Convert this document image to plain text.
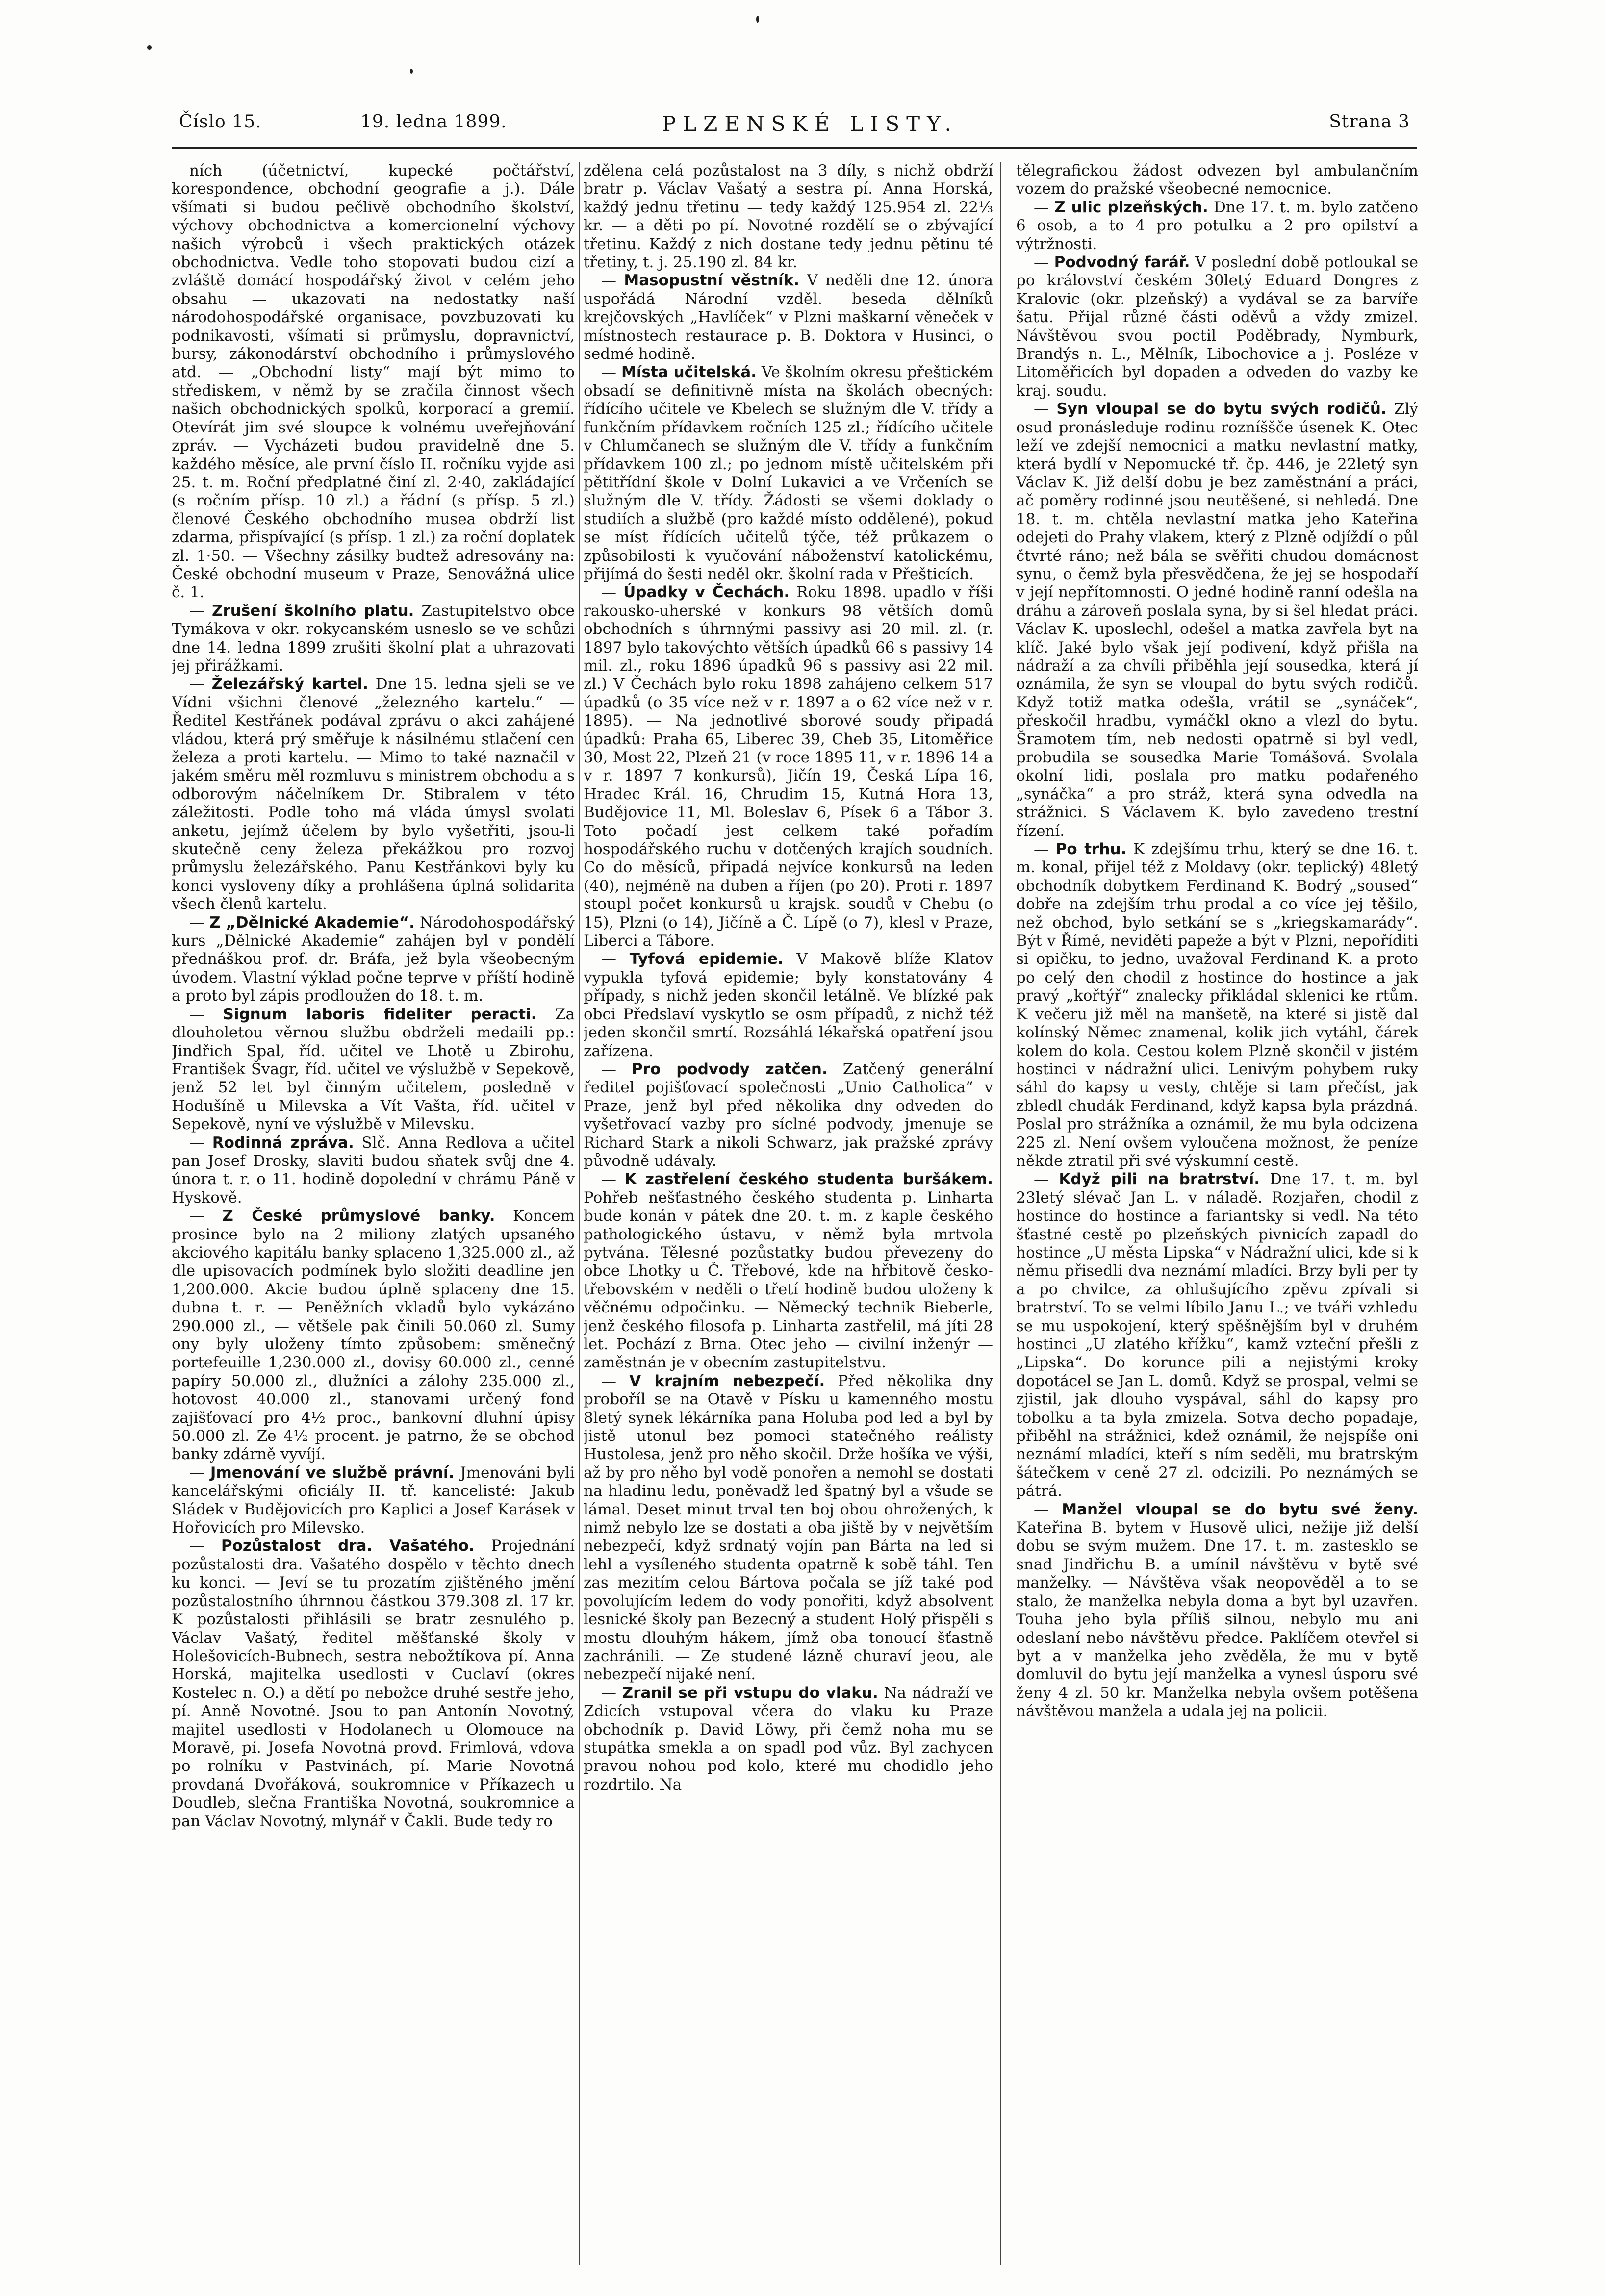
Číslo 15.	19. ledna 1899.	PLZENSKÉ LISTY.	Strana 3

ních (účetnictví, kupecké počtářství, korespondence, obchodní geografie a j.). Dále všímati si budou pečlivě obchodního školství, výchovy obchodnictva a komercionelní výchovy našich výrobců i všech praktických otázek obchodnictva. Vedle toho stopovati budou cizí a zvláště domácí hospodářský život v celém jeho obsahu — ukazovati na nedostatky naší národohospodářské organisace, povzbuzovati ku podnikavosti, všímati si průmyslu, dopravnictví, bursy, zákonodárství obchodního i průmyslového atd. — „Obchodní listy“ mají být mimo to střediskem, v němž by se zračila činnost všech našich obchodnických spolků, korporací a gremií. Otevírát jim své sloupce k volnému uveřejňování zpráv. — Vycházeti budou pravidelně dne 5. každého měsíce, ale první číslo II. ročníku vyjde asi 25. t. m. Roční předplatné činí zl. 2·40, zakládající (s ročním přísp. 10 zl.) a řádní (s přísp. 5 zl.) členové Českého obchodního musea obdrží list zdarma, přispívající (s přísp. 1 zl.) za roční doplatek zl. 1·50. — Všechny zásilky budtež adresovány na: České obchodní museum v Praze, Senovážná ulice č. 1.

— Zrušení školního platu. Zastupitelstvo obce Tymákova v okr. rokycanském usneslo se ve schůzi dne 14. ledna 1899 zrušiti školní plat a uhrazovati jej přirážkami.

— Železářský kartel. Dne 15. ledna sjeli se ve Vídni všichni členové „železného kartelu.“ — Ředitel Kestřánek podával zprávu o akci zahájené vládou, která prý směřuje k násilnému stlačení cen železa a proti kartelu. — Mimo to také naznačil v jakém směru měl rozmluvu s ministrem obchodu a s odborovým náčelníkem Dr. Stibralem v této záležitosti. Podle toho má vláda úmysl svolati anketu, jejímž účelem by bylo vyšetřiti, jsou-li skutečně ceny železa překážkou pro rozvoj průmyslu železářského. Panu Kestřánkovi byly ku konci vysloveny díky a prohlášena úplná solidarita všech členů kartelu.

— Z „Dělnické Akademie“. Národohospodářský kurs „Dělnické Akademie“ zahájen byl v pondělí přednáškou prof. dr. Bráfa, jež byla všeobecným úvodem. Vlastní výklad počne teprve v příští hodině a proto byl zápis prodloužen do 18. t. m.

— Signum laboris fideliter peracti. Za dlouholetou věrnou službu obdrželi medaili pp.: Jindřich Spal, říd. učitel ve Lhotě u Zbirohu, František Švagr, říd. učitel ve výslužbě v Sepekově, jenž 52 let byl činným učitelem, posledně v Hodušíně u Milevska a Vít Vašta, říd. učitel v Sepekově, nyní ve výslužbě v Milevsku.

— Rodinná zpráva. Slč. Anna Redlova a učitel pan Josef Drosky, slaviti budou sňatek svůj dne 4. února t. r. o 11. hodině dopolední v chrámu Páně v Hyskově.

— Z České průmyslové banky. Koncem prosince bylo na 2 miliony zlatých upsaného akciového kapitálu banky splaceno 1,325.000 zl., až dle upisovacích podmínek bylo složiti deadline jen 1,200.000. Akcie budou úplně splaceny dne 15. dubna t. r. — Peněžních vkladů bylo vykázáno 290.000 zl., — většele pak činili 50.060 zl. Sumy ony byly uloženy tímto způsobem: směnečný portefeuille 1,230.000 zl., dovisy 60.000 zl., cenné papíry 50.000 zl., dlužníci a zálohy 235.000 zl., hotovost 40.000 zl., stanovami určený fond zajišťovací pro 4½ proc., bankovní dluhní úpisy 50.000 zl. Ze 4½ procent. je patrno, že se obchod banky zdárně vyvíjí.

— Jmenování ve službě právní. Jmenováni byli kancelářskými oficiály II. tř. kancelisté: Jakub Sládek v Budějovicích pro Kaplici a Josef Karásek v Hořovicích pro Milevsko.

— Pozůstalost dra. Vašatého. Projednání pozůstalosti dra. Vašatého dospělo v těchto dnech ku konci. — Jeví se tu prozatím zjištěného jmění pozůstalostního úhrnnou částkou 379.308 zl. 17 kr. K pozůstalosti přihlásili se bratr zesnulého p. Václav Vašatý, ředitel měšťanské školy v Holešovicích-Bubnech, sestra nebožtíkova pí. Anna Horská, majitelka usedlosti v Cuclaví (okres Kostelec n. O.) a dětí po nebožce druhé sestře jeho, pí. Anně Novotné. Jsou to pan Antonín Novotný, majitel usedlosti v Hodolanech u Olomouce na Moravě, pí. Josefa Novotná provd. Frimlová, vdova po rolníku v Pastvinách, pí. Marie Novotná provdaná Dvořáková, soukromnice v Příkazech u Doudleb, slečna Františka Novotná, soukromnice a pan Václav Novotný, mlynář v Čakli. Bude tedy ro

zdělena celá pozůstalost na 3 díly, s nichž obdrží bratr p. Václav Vašatý a sestra pí. Anna Horská, každý jednu třetinu — tedy každý 125.954 zl. 22⅓ kr. — a děti po pí. Novotné rozdělí se o zbývající třetinu. Každý z nich dostane tedy jednu pětinu té třetiny, t. j. 25.190 zl. 84 kr.

— Masopustní věstník. V neděli dne 12. února uspořádá Národní vzděl. beseda dělníků krejčovských „Havlíček“ v Plzni maškarní věneček v místnostech restaurace p. B. Doktora v Husinci, o sedmé hodině.

— Místa učitelská. Ve školním okresu přeštickém obsadí se definitivně místa na školách obecných: řídícího učitele ve Kbelech se služným dle V. třídy a funkčním přídavkem ročních 125 zl.; řídícího učitele v Chlumčanech se služným dle V. třídy a funkčním přídavkem 100 zl.; po jednom místě učitelském při pětitřídní škole v Dolní Lukavici a ve Vrčeních se služným dle V. třídy. Žádosti se všemi doklady o studiích a službě (pro každé místo oddělené), pokud se míst řídících učitelů týče, též průkazem o způsobilosti k vyučování náboženství katolickému, přijímá do šesti neděl okr. školní rada v Přešticích.

— Úpadky v Čechách. Roku 1898. upadlo v říši rakousko-uherské v konkurs 98 větších domů obchodních s úhrnnými passivy asi 20 mil. zl. (r. 1897 bylo takovýchto větších úpadků 66 s passivy 14 mil. zl., roku 1896 úpadků 96 s passivy asi 22 mil. zl.) V Čechách bylo roku 1898 zahájeno celkem 517 úpadků (o 35 více než v r. 1897 a o 62 více než v r. 1895). — Na jednotlivé sborové soudy připadá úpadků: Praha 65, Liberec 39, Cheb 35, Litoměřice 30, Most 22, Plzeň 21 (v roce 1895 11, v r. 1896 14 a v r. 1897 7 konkursů), Jičín 19, Česká Lípa 16, Hradec Král. 16, Chrudim 15, Kutná Hora 13, Budějovice 11, Ml. Boleslav 6, Písek 6 a Tábor 3. Toto počadí jest celkem také pořadím hospodářského ruchu v dotčených krajích soudních. Co do měsíců, připadá nejvíce konkursů na leden (40), nejméně na duben a říjen (po 20). Proti r. 1897 stoupl počet konkursů u krajsk. soudů v Chebu (o 15), Plzni (o 14), Jičíně a Č. Lípě (o 7), klesl v Praze, Liberci a Tábore.

— Tyfová epidemie. V Makově blíže Klatov vypukla tyfová epidemie; byly konstatovány 4 případy, s nichž jeden skončil letálně. Ve blízké pak obci Předslaví vyskytlo se osm případů, z nichž též jeden skončil smrtí. Rozsáhlá lékařská opatření jsou zařízena.

— Pro podvody zatčen. Zatčený generální ředitel pojišťovací společnosti „Unio Catholica“ v Praze, jenž byl před několika dny odveden do vyšetřovací vazby pro síclné podvody, jmenuje se Richard Stark a nikoli Schwarz, jak pražské zprávy původně udávaly.

— K zastřelení českého studenta buršákem. Pohřeb nešťastného českého studenta p. Linharta bude konán v pátek dne 20. t. m. z kaple českého pathologického ústavu, v němž byla mrtvola pytvána. Tělesné pozůstatky budou převezeny do obce Lhotky u Č. Třebové, kde na hřbitově česko-třebovském v neděli o třetí hodině budou uloženy k věčnému odpočinku. — Německý technik Bieberle, jenž českého filosofa p. Linharta zastřelil, má jíti 28 let. Pochází z Brna. Otec jeho — civilní inženýr — zaměstnán je v obecním zastupitelstvu.

— V krajním nebezpečí. Před několika dny proboříl se na Otavě v Písku u kamenného mostu 8letý synek lékárníka pana Holuba pod led a byl by jistě utonul bez pomoci statečného reálisty Hustolesa, jenž pro něho skočil. Drže hošíka ve výši, až by pro něho byl vodě ponořen a nemohl se dostati na hladinu ledu, poněvadž led špatný byl a všude se lámal. Deset minut trval ten boj obou ohrožených, k nimž nebylo lze se dostati a oba jiště by v největším nebezpečí, když srdnatý vojín pan Bárta na led si lehl a vysíleného studenta opatrně k sobě táhl. Ten zas mezitím celou Bártova počala se jíž také pod povolujícím ledem do vody ponořiti, když absolvent lesnické školy pan Bezecný a student Holý přispěli s mostu dlouhým hákem, jímž oba tonoucí šťastně zachránili. — Ze studené lázně churaví jeou, ale nebezpečí nijaké není.

— Zranil se při vstupu do vlaku. Na nádraží ve Zdicích vstupoval včera do vlaku ku Praze obchodník p. David Löwy, při čemž noha mu se stupátka smekla a on spadl pod vůz. Byl zachycen pravou nohou pod kolo, které mu chodidlo jeho rozdrtilo. Na

tělegrafickou žádost odvezen byl ambulančním vozem do pražské všeobecné nemocnice.

— Z ulic plzeňských. Dne 17. t. m. bylo zatčeno 6 osob, a to 4 pro potulku a 2 pro opilství a výtržnosti.

— Podvodný farář. V poslední době potloukal se po království českém 30letý Eduard Dongres z Kralovic (okr. plzeňský) a vydával se za barvíře šatu. Přijal různé části oděvů a vždy zmizel. Návštěvou svou poctil Poděbrady, Nymburk, Brandýs n. L., Mělník, Libochovice a j. Posléze v Litoměřicích byl dopaden a odveden do vazby ke kraj. soudu.

— Syn vloupal se do bytu svých rodičů. Zlý osud pronásleduje rodinu rozníššče úsenek K. Otec leží ve zdejší nemocnici a matku nevlastní matky, která bydlí v Nepomucké tř. čp. 446, je 22letý syn Václav K. Již delší dobu je bez zaměstnání a práci, ač poměry rodinné jsou neutěšené, si nehledá. Dne 18. t. m. chtěla nevlastní matka jeho Kateřina odejeti do Prahy vlakem, který z Plzně odjíždí o půl čtvrté ráno; než bála se svěřiti chudou domácnost synu, o čemž byla přesvědčena, že jej se hospodaří v její nepřítomnosti. O jedné hodině ranní odešla na dráhu a zároveň poslala syna, by si šel hledat práci. Václav K. uposlechl, odešel a matka zavřela byt na klíč. Jaké bylo však její podivení, když přišla na nádraží a za chvíli přiběhla její sousedka, která jí oznámila, že syn se vloupal do bytu svých rodičů. Když totiž matka odešla, vrátil se „synáček“, přeskočil hradbu, vymáčkl okno a vlezl do bytu. Šramotem tím, neb nedosti opatrně si byl vedl, probudila se sousedka Marie Tomášová. Svolala okolní lidi, poslala pro matku podařeného „synáčka“ a pro stráž, která syna odvedla na strážnici. S Václavem K. bylo zavedeno trestní řízení.

— Po trhu. K zdejšímu trhu, který se dne 16. t. m. konal, přijel též z Moldavy (okr. teplický) 48letý obchodník dobytkem Ferdinand K. Bodrý „soused“ dobře na zdejším trhu prodal a co více jej těšilo, než obchod, bylo setkání se s „kriegskamarády“. Být v Římě, neviděti papeže a být v Plzni, nepoříditi si opičku, to jedno, uvažoval Ferdinand K. a proto po celý den chodil z hostince do hostince a jak pravý „kořtýř“ znalecky přikládal sklenici ke rtům. K večeru již měl na manšetě, na které si jistě dal kolínský Němec znamenal, kolik jich vytáhl, čárek kolem do kola. Cestou kolem Plzně skončil v jistém hostinci v nádražní ulici. Lenivým pohybem ruky sáhl do kapsy u vesty, chtěje si tam přečíst, jak zbledl chudák Ferdinand, když kapsa byla prázdná. Poslal pro strážníka a oznámil, že mu byla odcizena 225 zl. Není ovšem vyloučena možnost, že peníze někde ztratil při své výskumní cestě.

— Když pili na bratrství. Dne 17. t. m. byl 23letý slévač Jan L. v náladě. Rozjařen, chodil z hostince do hostince a fariantsky si vedl. Na této šťastné cestě po plzeňských pivnicích zapadl do hostince „U města Lipska“ v Nádražní ulici, kde si k němu přisedli dva neznámí mladíci. Brzy byli per ty a po chvilce, za ohlušujícího zpěvu zpívali si bratrství. To se velmi líbilo Janu L.; ve tváři vzhledu se mu uspokojení, který spěšnějším byl v druhém hostinci „U zlatého křížku“, kamž vzteční přešli z „Lipska“. Do korunce pili a nejistými kroky dopotácel se Jan L. domů. Když se prospal, velmi se zjistil, jak dlouho vyspával, sáhl do kapsy pro tobolku a ta byla zmizela. Sotva decho popadaje, přiběhl na strážnici, kdež oznámil, že nejspíše oni neznámí mladíci, kteří s ním seděli, mu bratrským šátečkem v ceně 27 zl. odcizili. Po neznámých se pátrá.

— Manžel vloupal se do bytu své ženy. Kateřina B. bytem v Husově ulici, nežije již delší dobu se svým mužem. Dne 17. t. m. zastesklo se snad Jindřichu B. a umínil návštěvu v bytě své manželky. — Návštěva však neopověděl a to se stalo, že manželka nebyla doma a byt byl uzavřen. Touha jeho byla příliš silnou, nebylo mu ani odeslaní nebo návštěvu předce. Paklíčem otevřel si byt a v manželka jeho zvěděla, že mu v bytě domluvil do bytu její manželka a vynesl úsporu své ženy 4 zl. 50 kr. Manželka nebyla ovšem potěšena návštěvou manžela a udala jej na policii.
